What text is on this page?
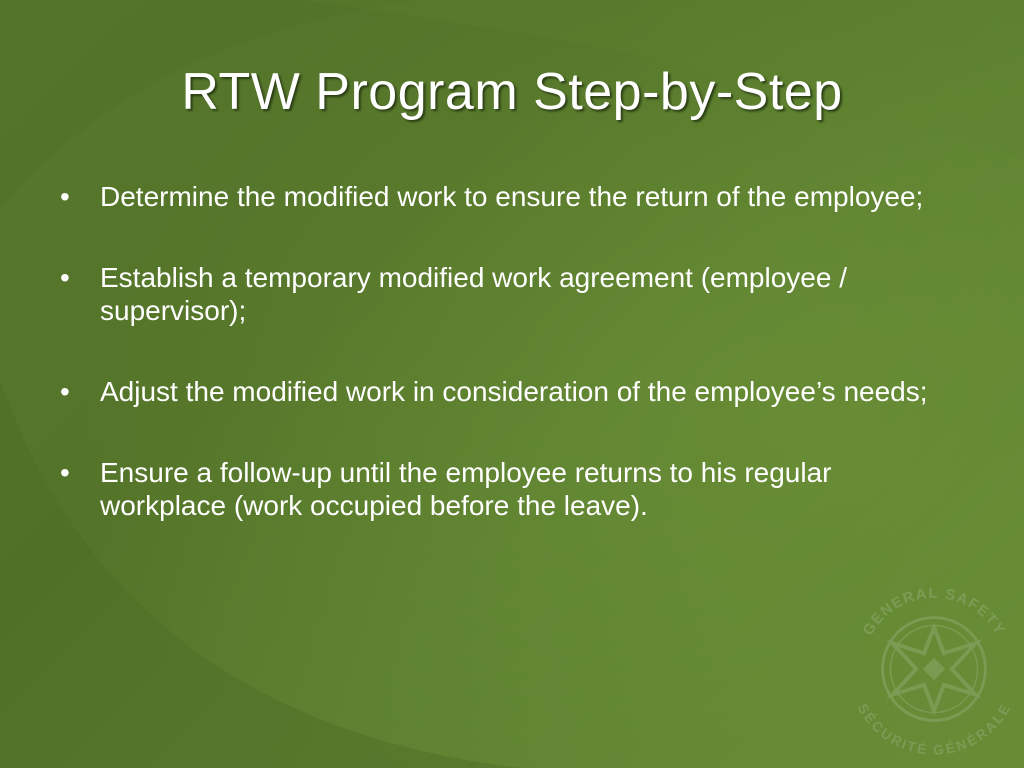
RTW Program Step-by-Step
• Determine the modified work to ensure the return of the employee;
• Establish a temporary modified work agreement (employee / supervisor);
• Adjust the modified work in consideration of the employee’s needs;
• Ensure a follow-up until the employee returns to his regular workplace (work occupied before the leave).
GENERAL SAFETY
SÉCURITÉ GÉNÉRALE
